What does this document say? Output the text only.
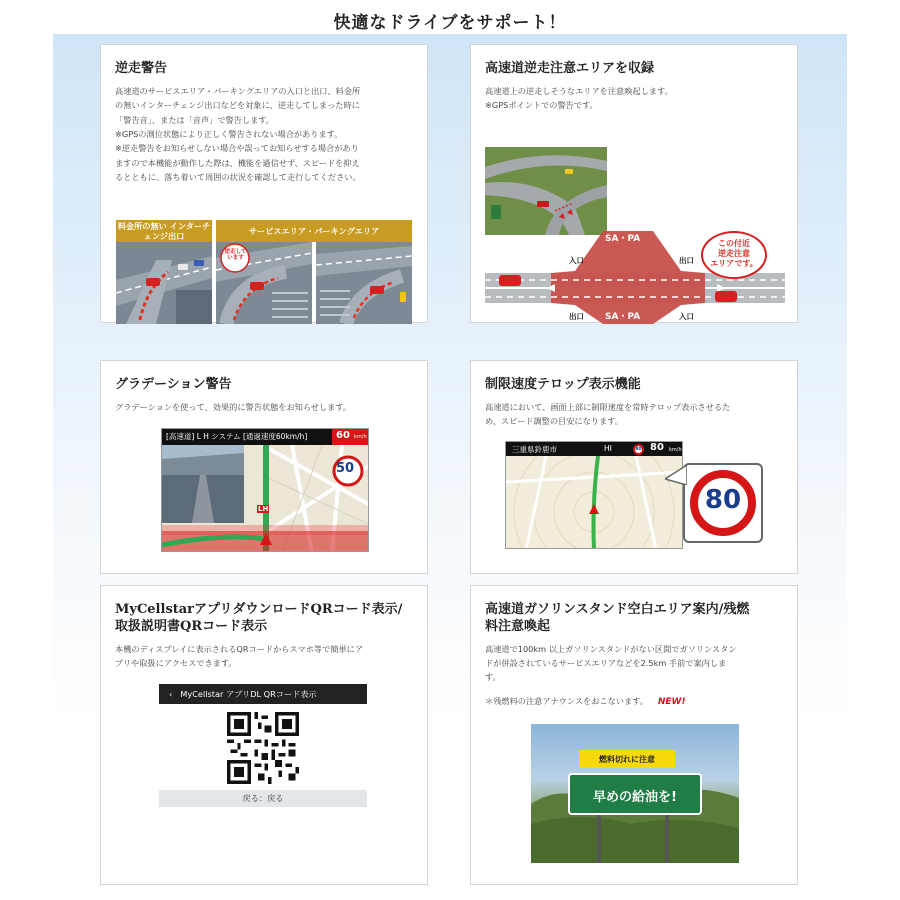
快適なドライブをサポート！
逆走警告

高速道のサービスエリア・パーキングエリアの入口と出口、料金所
の無いインターチェンジ出口などを対象に、逆走してしまった時に
「警告音」、または「音声」で警告します。
※GPSの測位状態により正しく警告されない場合があります。
※逆走警告をお知らせしない場合や誤ってお知らせする場合があり
ますので本機能が動作した際は、機能を過信せず、スピードを抑え
るとともに、落ち着いて周囲の状況を確認して走行してください。

料金所の無い インターチェンジ出口
逆走して
います
サービスエリア・パーキングエリア
高速道逆走注意エリアを収録

高速道上の逆走しそうなエリアを注意喚起します。
※GPSポイントでの警告です。

SA・PA
SA・PA
入口	出口
出口	入口
この付近
逆走注意
エリアです。
グラデーション警告

グラデーションを使って、効果的に警告状態をお知らせします。

[高速道] L H システム [通過速度60km/h]	60 km/h
50
LH
制限速度テロップ表示機能

高速道において、画面上部に制限速度を常時テロップ表示させるた
め、スピード調整の目安になります。

三重県鈴鹿市	HI	80 80 km/h
80
MyCellstarアプリダウンロードQRコード表示/
取扱説明書QRコード表示

本機のディスプレイに表示されるQRコードからスマホ等で簡単にア
プリや取扱にアクセスできます。

‹ MyCellstar アプリDL QRコード表示
戻る：戻る
高速道ガソリンスタンド空白エリア案内/残燃
料注意喚起

高速道で100km 以上ガソリンスタンドがない区間でガソリンスタン
ドが併設されているサービスエリアなどを2.5km 手前で案内しま
す。

＊残燃料の注意アナウンスをおこないます。 NEW!
燃料切れに注意
早めの給油を!
